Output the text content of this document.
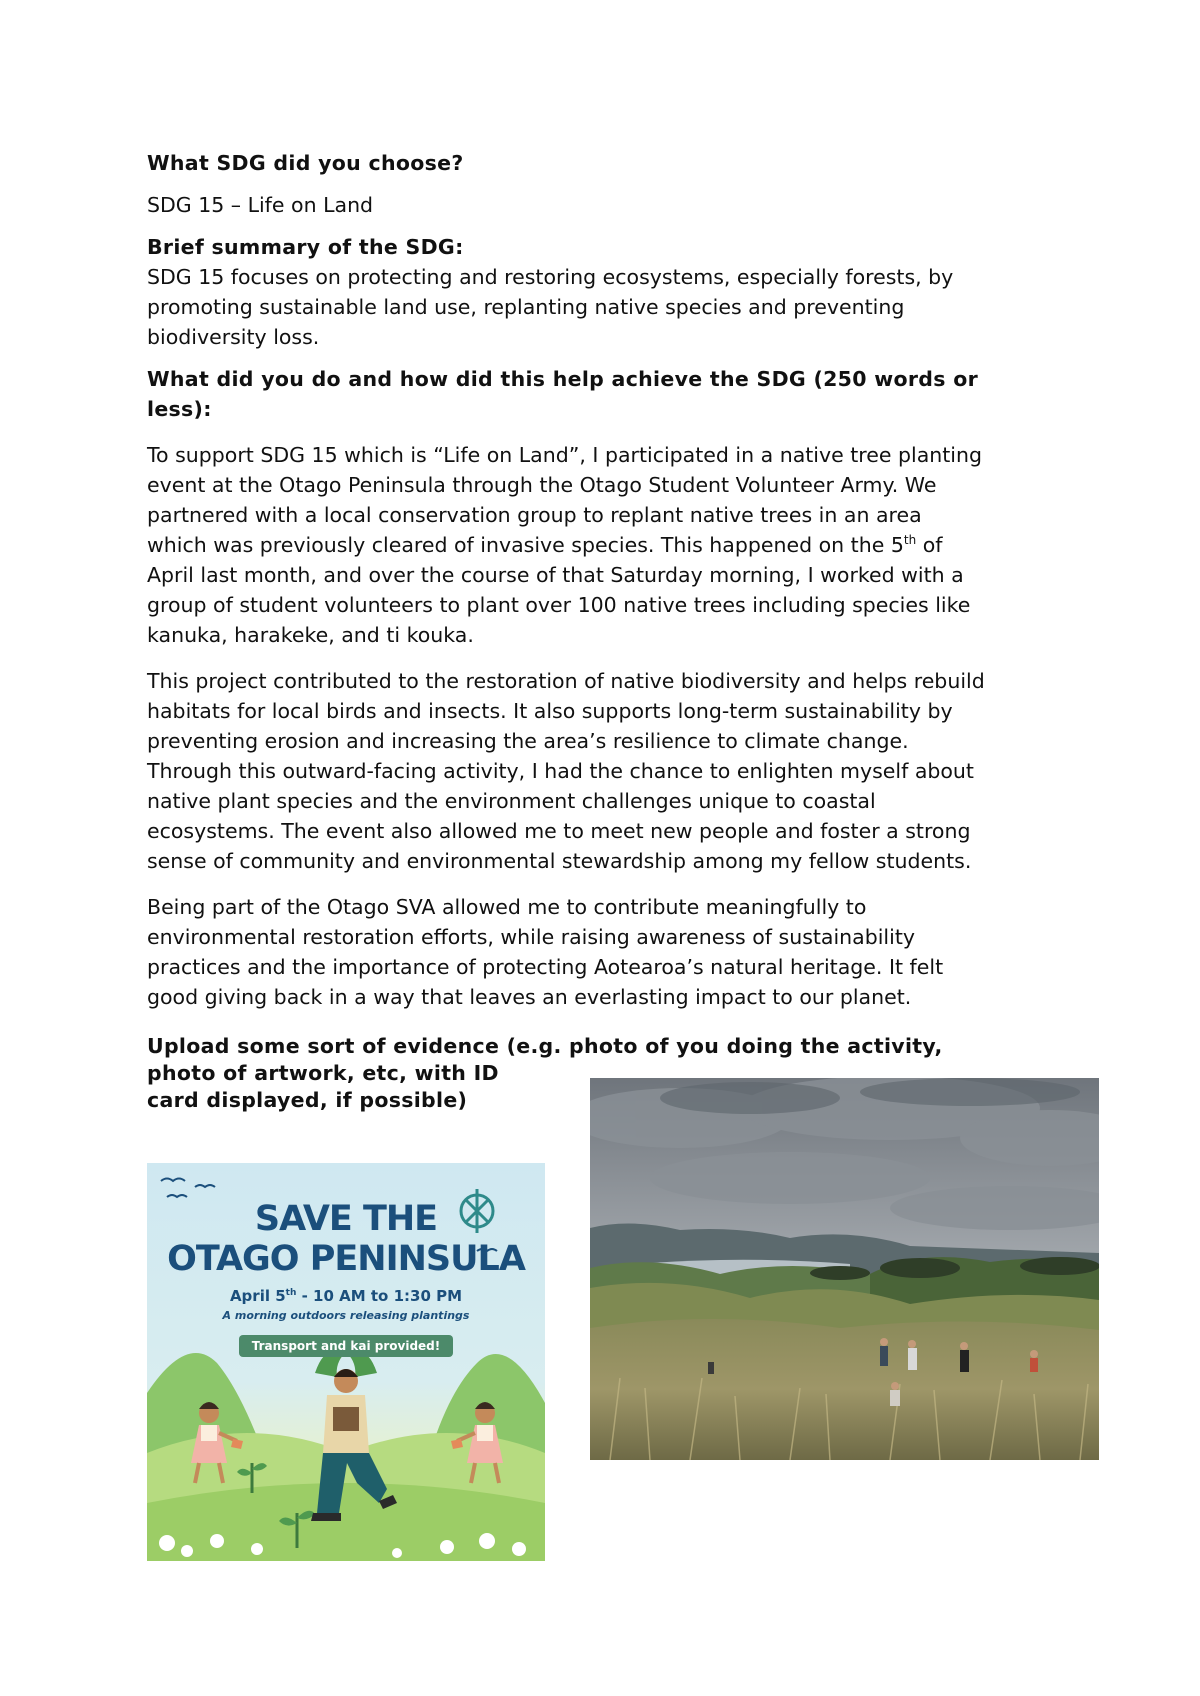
What SDG did you choose?

SDG 15 – Life on Land

Brief summary of the SDG:

SDG 15 focuses on protecting and restoring ecosystems, especially forests, by

promoting sustainable land use, replanting native species and preventing

biodiversity loss.

What did you do and how did this help achieve the SDG (250 words or

less):

To support SDG 15 which is “Life on Land”, I participated in a native tree planting

event at the Otago Peninsula through the Otago Student Volunteer Army. We

partnered with a local conservation group to replant native trees in an area

which was previously cleared of invasive species. This happened on the 5th of

April last month, and over the course of that Saturday morning, I worked with a

group of student volunteers to plant over 100 native trees including species like

kanuka, harakeke, and ti kouka.

This project contributed to the restoration of native biodiversity and helps rebuild

habitats for local birds and insects. It also supports long-term sustainability by

preventing erosion and increasing the area’s resilience to climate change.

Through this outward-facing activity, I had the chance to enlighten myself about

native plant species and the environment challenges unique to coastal

ecosystems. The event also allowed me to meet new people and foster a strong

sense of community and environmental stewardship among my fellow students.

Being part of the Otago SVA allowed me to contribute meaningfully to

environmental restoration efforts, while raising awareness of sustainability

practices and the importance of protecting Aotearoa’s natural heritage. It felt

good giving back in a way that leaves an everlasting impact to our planet.

Upload some sort of evidence (e.g. photo of you doing the activity,
photo of artwork, etc, with ID
card displayed, if possible)
SAVE THE
OTAGO PENINSULA
April 5th - 10 AM to 1:30 PM
A morning outdoors releasing plantings
Transport and kai provided!
